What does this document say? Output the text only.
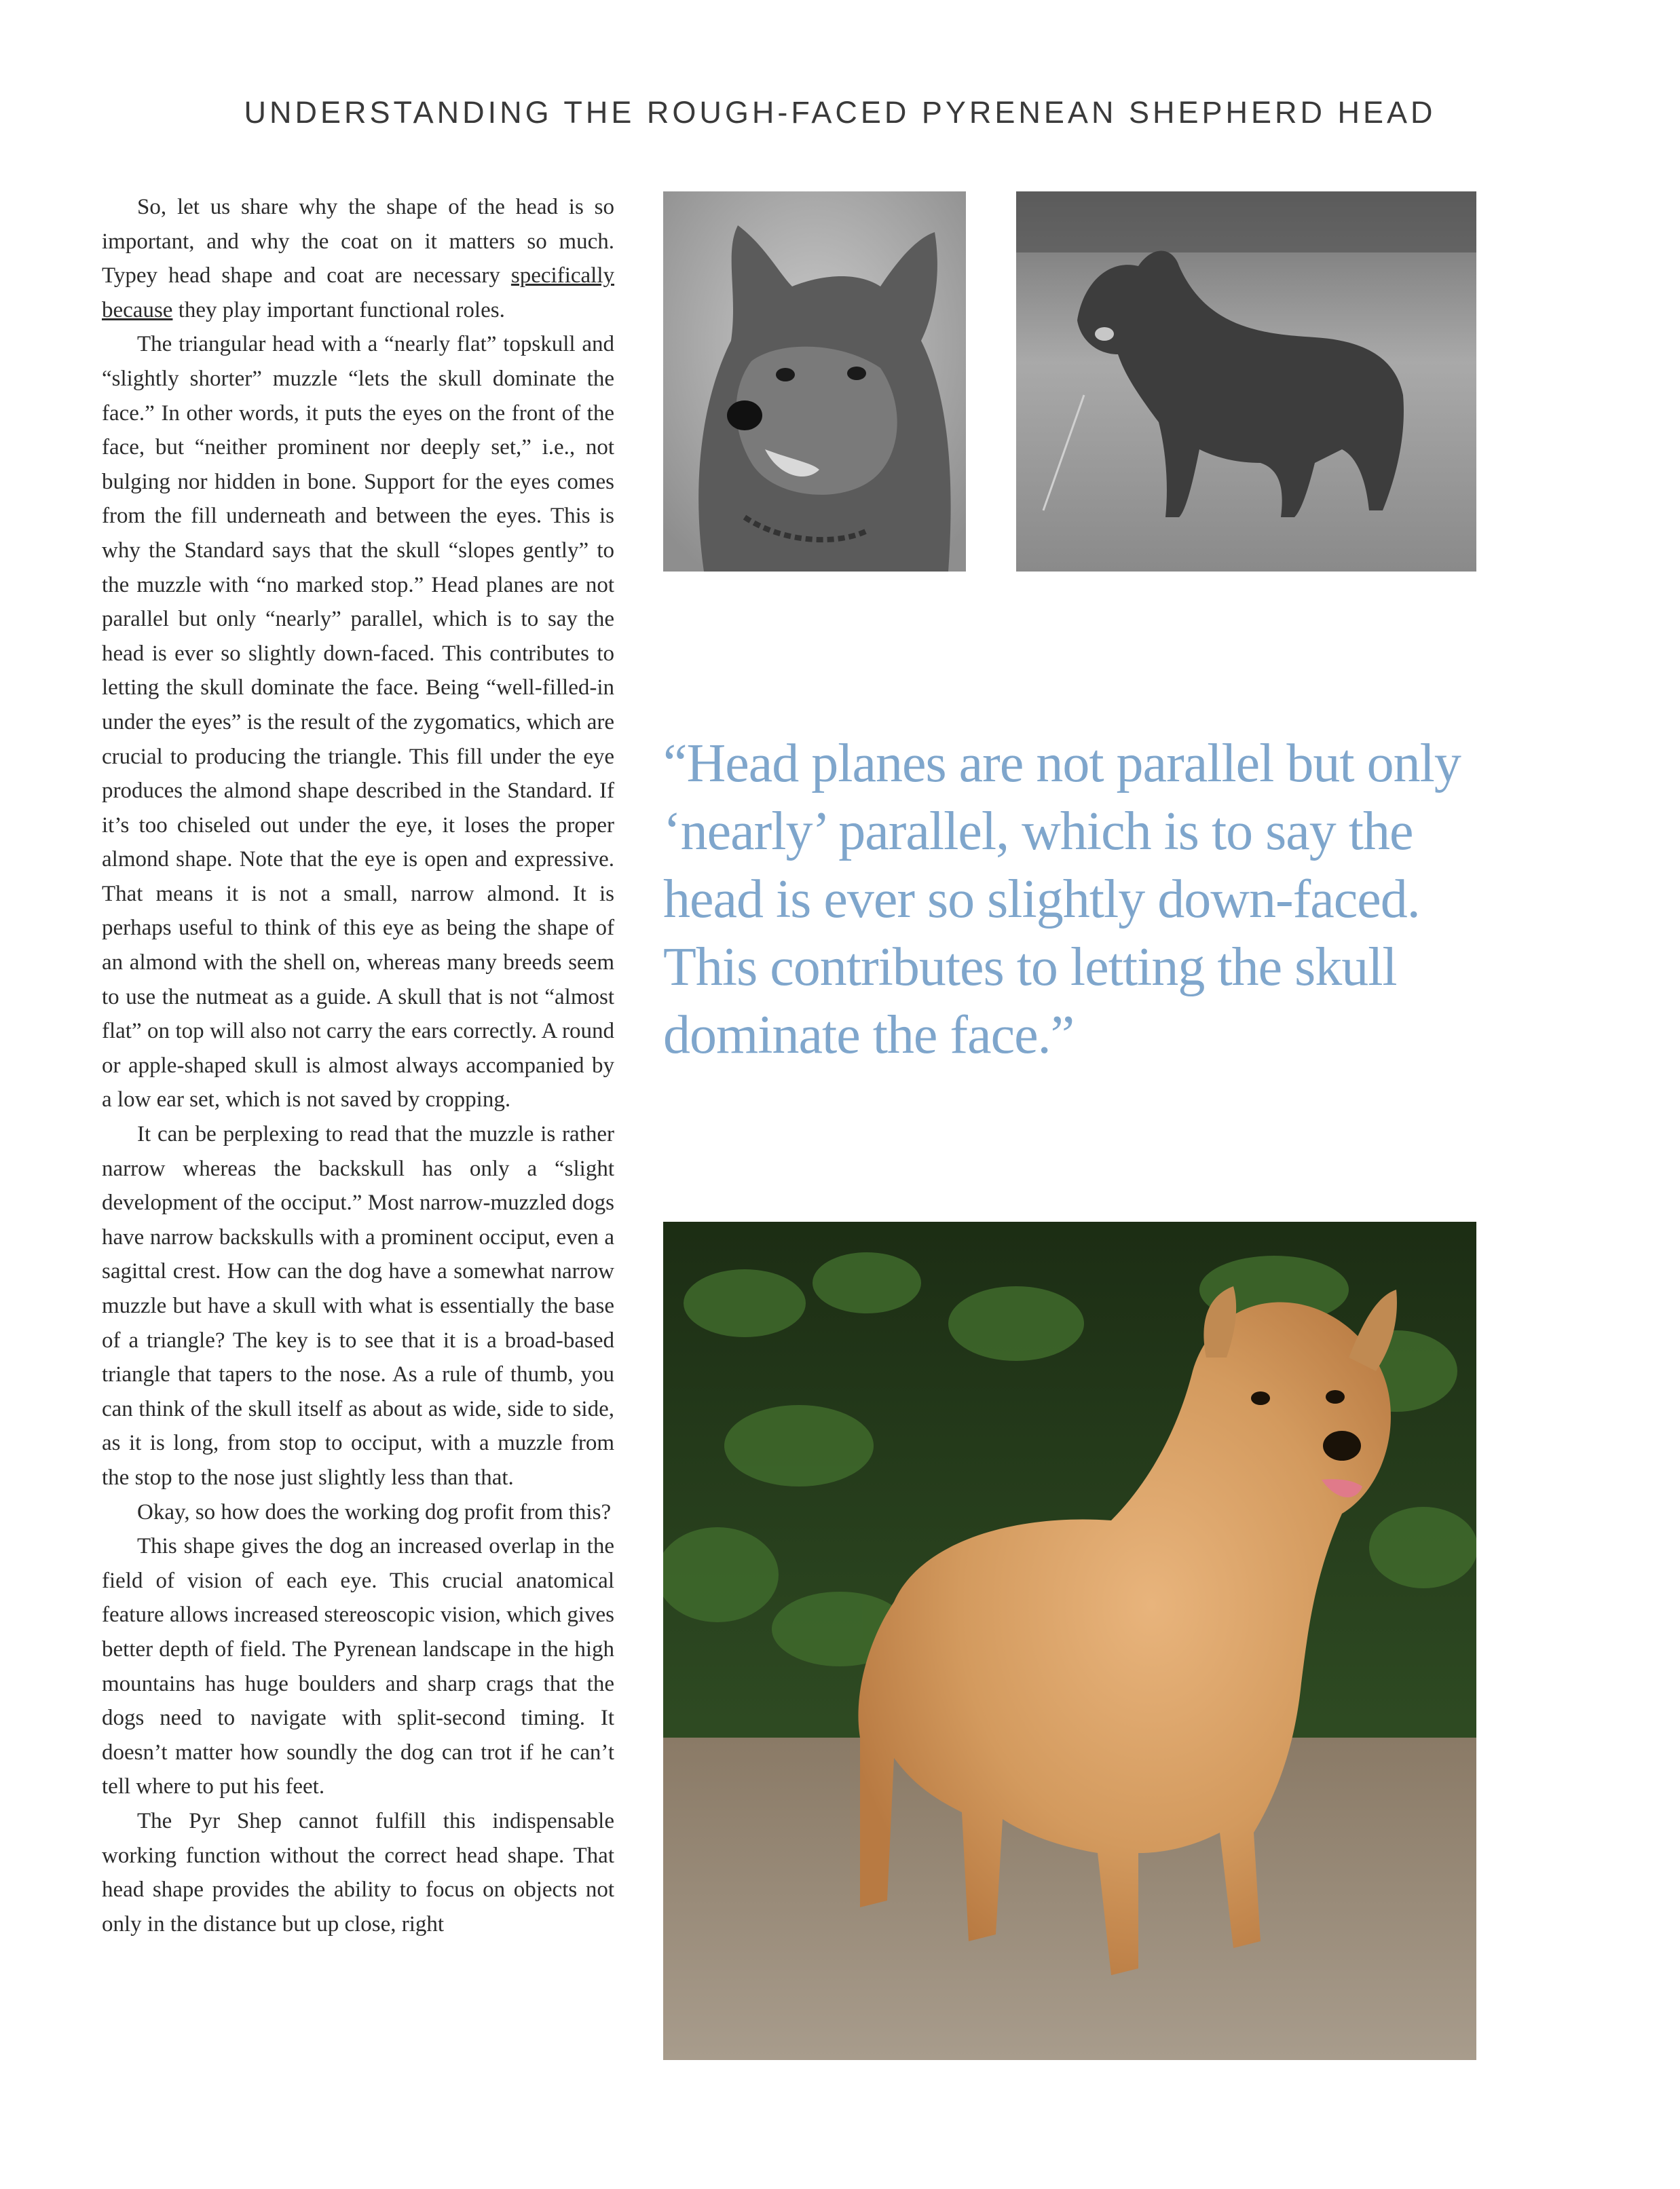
UNDERSTANDING THE ROUGH-FACED PYRENEAN SHEPHERD HEAD

So, let us share why the shape of the head is so important, and why the coat on it matters so much. Typey head shape and coat are necessary specifically because they play important functional roles.

The triangular head with a “nearly flat” topskull and “slightly shorter” muzzle “lets the skull dominate the face.” In other words, it puts the eyes on the front of the face, but “neither prominent nor deeply set,” i.e., not bulging nor hidden in bone. Support for the eyes comes from the fill underneath and between the eyes. This is why the Standard says that the skull “slopes gently” to the muzzle with “no marked stop.” Head planes are not parallel but only “nearly” parallel, which is to say the head is ever so slightly down-faced. This contributes to letting the skull dominate the face. Being “well-filled-in under the eyes” is the result of the zygomatics, which are crucial to producing the triangle. This fill under the eye produces the almond shape described in the Standard. If it’s too chiseled out under the eye, it loses the proper almond shape. Note that the eye is open and expressive. That means it is not a small, narrow almond. It is perhaps useful to think of this eye as being the shape of an almond with the shell on, whereas many breeds seem to use the nutmeat as a guide. A skull that is not “almost flat” on top will also not carry the ears correctly. A round or apple-shaped skull is almost always accompanied by a low ear set, which is not saved by cropping.

It can be perplexing to read that the muzzle is rather narrow whereas the backskull has only a “slight development of the occiput.” Most narrow-muzzled dogs have narrow backskulls with a prominent occiput, even a sagittal crest. How can the dog have a somewhat narrow muzzle but have a skull with what is essentially the base of a triangle? The key is to see that it is a broad-based triangle that tapers to the nose. As a rule of thumb, you can think of the skull itself as about as wide, side to side, as it is long, from stop to occiput, with a muzzle from the stop to the nose just slightly less than that.

Okay, so how does the working dog profit from this?

This shape gives the dog an increased overlap in the field of vision of each eye. This crucial anatomical feature allows increased stereoscopic vision, which gives better depth of field. The Pyrenean landscape in the high mountains has huge boulders and sharp crags that the dogs need to navigate with split-second timing. It doesn’t matter how soundly the dog can trot if he can’t tell where to put his feet.

The Pyr Shep cannot fulfill this indispensable working function without the correct head shape. That head shape provides the ability to focus on objects not only in the distance but up close, right

“Head planes are not parallel but only ‘nearly’ parallel, which is to say the head is ever so slightly down-faced. This contributes to letting the skull dominate the face.”
